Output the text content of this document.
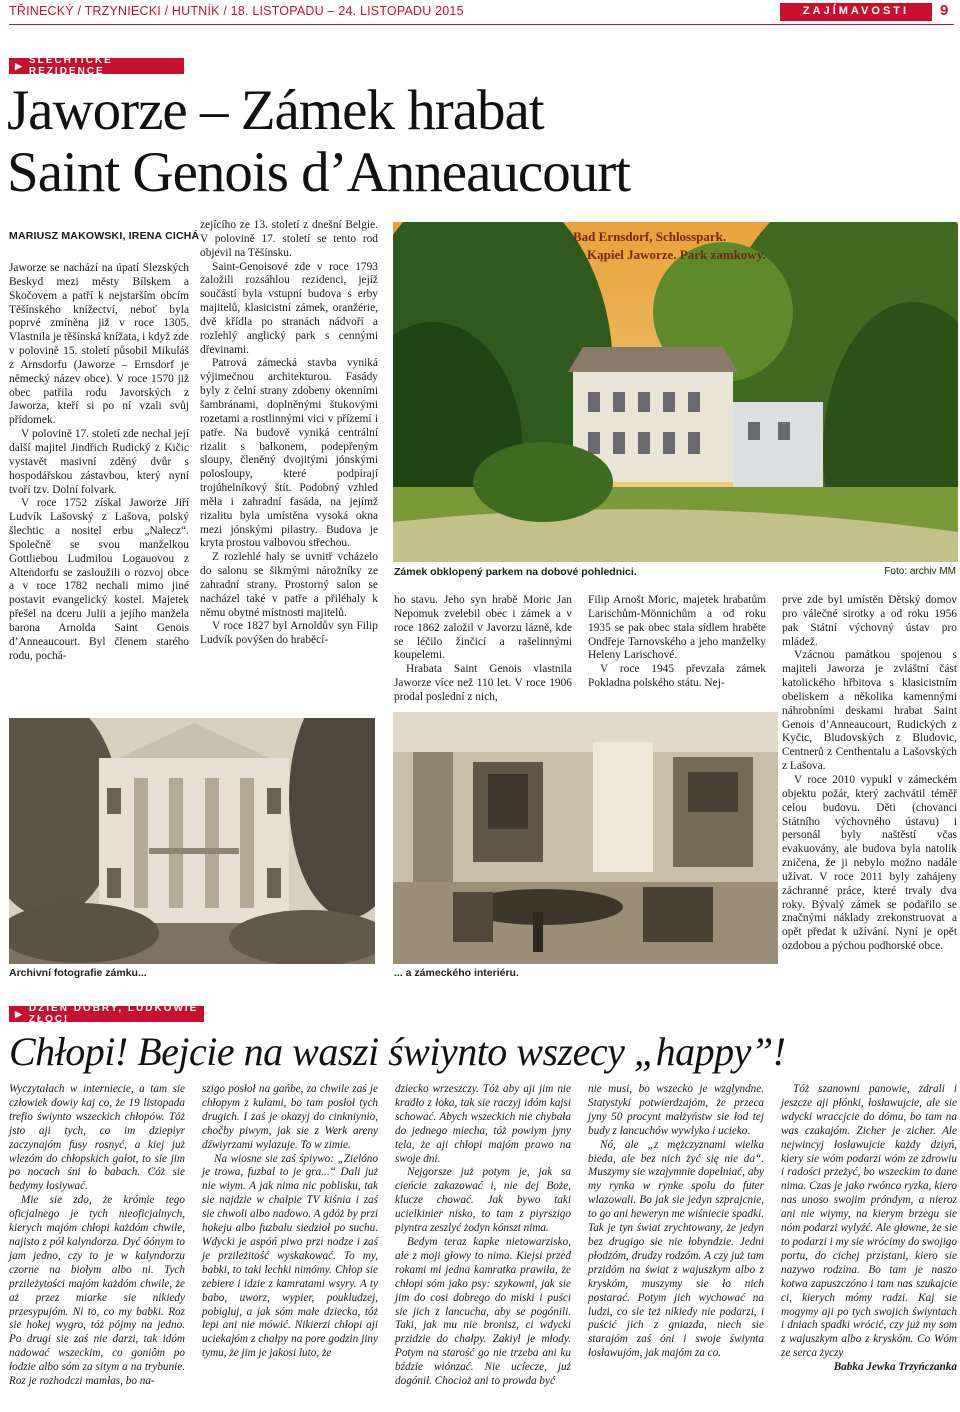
TŘINECKÝ / TRZYNIECKI / HUTNÍK / 18. LISTOPADU – 24. LISTOPADU 2015	ZAJÍMAVOSTI	9
▶ ŠLECHTICKÉ REZIDENCE
Jaworze – Zámek hrabat
Saint Genois d’Anneaucourt
MARIUSZ MAKOWSKI, IRENA CICHÁ

Jaworze se nachází na úpatí Slezských Beskyd mezi městy Bílskem a Skočovem a patří k nejstarším obcím Těšínského knížectví, neboť byla poprvé zmíněna již v roce 1305. Vlastnila je těšínská knížata, i když zde v polovině 15. století působil Mikuláš z Arnsdorfu (Jaworze – Ernsdorf je německý název obce). V roce 1570 již obec patřila rodu Javorských z Jaworza, kteří si po ní vzali svůj přídomek.

V polovině 17. století zde nechal její další majitel Jindřich Rudický z Kičic vystavět masivní zděný dvůr s hospodářskou zástavbou, který nyní tvoří tzv. Dolní folvark.

V roce 1752 získal Jaworze Jiří Ludvík Lašovský z Lašova, polský šlechtic a nositel erbu „Nalecz“. Společně se svou manželkou Gottliebou Ludmilou Logauovou z Altendorfu se zasloužili o rozvoj obce a v roce 1782 nechali mimo jiné postavit evangelický kostel. Majetek přešel na dceru Julii a jejího manžela barona Arnolda Saint Genois d’Anneaucourt. Byl členem starého rodu, pochá-

zejícího ze 13. století z dnešní Belgie. V polovině 17. století se tento rod objevil na Těšínsku.

Saint-Genoisové zde v roce 1793 založili rozsáhlou rezidenci, jejíž součástí byla vstupní budova s erby majitelů, klasicistní zámek, oranžérie, dvě křídla po stranách nádvoří a rozlehlý anglický park s cennými dřevinami.

Patrová zámecká stavba vyniká výjimečnou architekturou. Fasády byly z čelní strany zdobeny okenními šambránami, doplněnými štukovými rozetami a rostlinnými vici v přízemí i patře. Na budově vyniká centrální rizalit s balkonem, podepřeným sloupy, členěný dvojitými jónskými polosloupy, které podpírají trojúhelníkový štít. Podobný vzhled měla i zahradní fasáda, na jejímž rizalitu byla umístěna vysoká okna mezi jónskými pilastry. Budova je kryta prostou valbovou střechou.

Z rozlehlé haly se uvnitř vcházelo do salonu se šikmými nárožníky ze zahradní strany. Prostorný salon se nacházel také v patře a přiléhaly k němu obytné místnosti majitelů.

V roce 1827 byl Arnoldův syn Filip Ludvík povýšen do hraběcí-

Bad Ernsdorf, Schlosspark.
Kąpiel Jaworze. Park zamkowy.
Zámek obklopený parkem na dobové pohlednici.	Foto: archiv MM

ho stavu. Jeho syn hrabě Moric Jan Nepomuk zvelebil obec i zámek a v roce 1862 založil v Javorzu lázně, kde se léčilo žinčicí a rašelinnými koupelemi.

Hrabata Saint Genois vlastnila Jaworze více než 110 let. V roce 1906 prodal poslední z nich,

Filip Arnošt Moric, majetek hrabatům Larischům-Mönnichům a od roku 1935 se pak obec stala sídlem hraběte Ondřeje Tarnovského a jeho manželky Heleny Larischové.

V roce 1945 převzala zámek Pokladna polského státu. Nej-

prve zde byl umístěn Dětský domov pro válečné sirotky a od roku 1956 pak Státní výchovný ústav pro mládež.

Vzácnou památkou spojenou s majiteli Jaworza je zvláštní část katolického hřbitova s klasicistním obeliskem a několika kamennými náhrobními deskami hrabat Saint Genois d’Anneaucourt, Rudických z Kyčic, Bludovských z Bludovic, Centnerů z Centhentalu a Lašovských z Lašova.

V roce 2010 vypukl v zámeckém objektu požár, který zachvátil téměř celou budovu. Děti (chovanci Státního výchovného ústavu) i personál byly naštěstí včas evakuovány, ale budova byla natolik zničena, že ji nebylo možno nadále užívat. V roce 2011 byly zahájeny záchranné práce, které trvaly dva roky. Bývalý zámek se podařilo se značnými náklady zrekonstruovat a opět předat k užívání. Nyní je opět ozdobou a pýchou podhorské obce.

Archivní fotografie zámku...	... a zámeckého interiéru.
▶ DZIEŃ DOBRY, LUDKOWIE ZŁOCI
Chłopi! Bejcie na waszi świynto wszecy „happy”!

Wyczytałach w interniecie, a tam sie człowiek dowiy kaj co, że 19 listopada trefio świynto wszeckich chłopów. Tóż jsto aji tych, co im dziepiyr zaczynajóm fusy rosnyć, a kiej już wlezóm do chłopskich gałot, to sie jim po nocach śni ło babach. Cóż sie bedymy łosiywać.

Mie sie zdo, że krómie tego oficjalnego je tych nieoficjalnych, kierych majóm chłopi każdóm chwile, najisto z pół kalyndorza. Dyć óónym to jam jedno, czy to je w kalyndorzu czorne na biołym albo ni. Tych przileżytości majóm każdóm chwile, że aż przez miarke sie nikiedy przesypujóm. Ni to, co my babki. Roz sie hokej wygro, tóż pójmy na jedno. Po drugi sie zaś nie darzi, tak idóm nadować wszeckim, co goniôm po łodzie albo sóm za sitym a na trybunie. Roz je rozhodczi mamłas, bo na-

szigo posłoł na gańbe, za chwile zaś je chłopym z kulami, bo tam posłoł tych drugich. I zaś je okazyj do cinkniynio, chočby piwym, jak sie z Werk areny dźwiyrzami wylazuje. To w zimie.

Na wiosne sie zaś śpiywo: „Zielóno je trowa, fuzbal to je gra...“ Dali już nie wiym. A jak nima nic poblisku, tak sie najdzie w chałpie TV kiśnia i zaś sie chwoli albo nadowo. A gdóż by przi hokeju albo fuzbalu siedzioł po suchu. Wdycki je aspóń piwo przi nodze i zaś je przileżitość wyskakować. To my, babki, to taki lechki nimómy. Chłop sie zebiere i idzie z kamratami wsyry. A ty babo, uworz, wypier, poukludzej, pobigluj, a jak sóm małe dziecka, tóż lepi ani nie mówić. Nikierzi chłopi aji uciekajóm z chałpy na pore godzin jiny tymu, że jim je jakosi luto, że

dziecko wrzeszczy. Tóż aby aji jim nie kradło z łoka, tak sie raczyj idóm kajsi schować. Abych wszeckich nie chybała do jednego miecha, tóż powiym jyny tela, że aji chłopi majóm prawo na swoje dni.

Nejgorsze już potym je, jak sa cieńcie zakazować i, nie dej Boże, klucze chować. Jak bywo taki ucielkinier nisko, to tam z piyrszigo piyntra zeszlyć żodyn kónszt nima.

Bedym teraz kapke nietowarzisko, ale z moji głowy to nima. Kiejsi przed rokami mi jedna kamratka prawiła, że chłopi sóm jako psy: szykowni, jak sie jim do cosi dobrego do miski i puści sie jich z lancucha, aby se pogónili. Taki, jak mu nie bronisz, ci wdycki przidzie do chałpy. Zakiyl je młody. Potym na starość go nie trzeba ani ku bździe wiónzać. Nie ucíecze, już dogónił. Chocioż ani to prowda być

nie musi, bo wszecko je wzglyndne. Statystyki potwierdzajóm, że przeca jyny 50 procynt małżyństw sie łod tej budy z łancuchów wywlyko i ucieko.

Nó, ale „z mężczyznami wielka bieda, ale bez nich żyć się nie da“. Muszymy sie wzajymnie dopełniać, aby my rynka w rynke spolu do futer wlazowali. Bo jak sie jedyn szprajcnie, to go ani heweryn me wiśniecie spadki. Tak je tyn świat zrychtowany, że jedyn bez drugigo sie nie łobyndzie. Jedni płodzóm, drudzy rodzóm. A czy już tam przidóm na świat z wajuszkym albo z kryskóm, muszymy sie ło nich postarać. Potym jich wychować na ludzi, co sie też nikiedy nie podarzi, i puścić jich z gniazda, niech sie starajóm zaś óni i swoje świynta łosławujóm, jak majóm za co.

Tóż szanowni panowie, zdrali i jeszcze aji płónki, łosławujcie, ale sie wdycki wraccjcie do dómu, bo tam na was czakajóm. Zicher je zicher. Ale nejwincyj łosławujcie każdy dziyń, kiery sie wóm podarzi wóm ze zdrowiu i radości przeżyć, bo wszeckim to dane nima. Czas je jako rwónco ryzka, kiero nas unoso swojim próndym, a nieroz ani nie wiymy, na kierym brzegu sie nóm podarzi wylyźć. Ale głowne, że sie to podarzi i my sie wrócimy do swojigo portu, do cichej przistani, kiero sie nazywo rodzina. Bo tam je naszo kotwa zapuszczóno i tam nas szukajcie ci, kierych mómy radzi. Kaj sie mogymy aji po tych swojich świyntach i dniach spadki wrócić, czy już my som z wajuszkym albo z kryskóm. Co Wóm ze serca życzy

Babka Jewka Trzyńczanka
